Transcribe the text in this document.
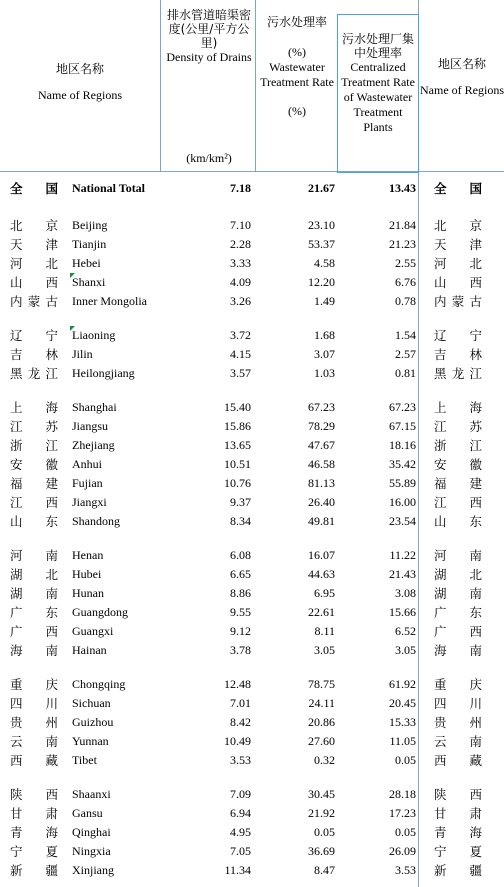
地区名称
Name of Regions
排水管道暗渠密度(公里/平方公里)
Density of Drains
(km/km²)
污水处理率
(%)
Wastewater Treatment Rate
(%)
污水处理厂集中处理率
Centralized Treatment Rate of Wastewater Treatment Plants
地区名称
Name of Regions
全 国 National Total	7.18	21.67	13.43 全 国
北 京 Beijing	7.10	23.10	21.84 北 京
天 津 Tianjin	2.28	53.37	21.23 天 津
河 北 Hebei	3.33	4.58	2.55 河 北
山 西 Shanxi	4.09	12.20	6.76 山 西
内 蒙 古 Inner Mongolia	3.26	1.49	0.78 内 蒙 古
辽 宁 Liaoning	3.72	1.68	1.54 辽 宁
吉 林 Jilin	4.15	3.07	2.57 吉 林
黑 龙 江 Heilongjiang	3.57	1.03	0.81 黑 龙 江
上 海 Shanghai	15.40	67.23	67.23 上 海
江 苏 Jiangsu	15.86	78.29	67.15 江 苏
浙 江 Zhejiang	13.65	47.67	18.16 浙 江
安 徽 Anhui	10.51	46.58	35.42 安 徽
福 建 Fujian	10.76	81.13	55.89 福 建
江 西 Jiangxi	9.37	26.40	16.00 江 西
山 东 Shandong	8.34	49.81	23.54 山 东
河 南 Henan	6.08	16.07	11.22 河 南
湖 北 Hubei	6.65	44.63	21.43 湖 北
湖 南 Hunan	8.86	6.95	3.08 湖 南
广 东 Guangdong	9.55	22.61	15.66 广 东
广 西 Guangxi	9.12	8.11	6.52 广 西
海 南 Hainan	3.78	3.05	3.05 海 南
重 庆 Chongqing	12.48	78.75	61.92 重 庆
四 川 Sichuan	7.01	24.11	20.45 四 川
贵 州 Guizhou	8.42	20.86	15.33 贵 州
云 南 Yunnan	10.49	27.60	11.05 云 南
西 藏 Tibet	3.53	0.32	0.05 西 藏
陕 西 Shaanxi	7.09	30.45	28.18 陕 西
甘 肃 Gansu	6.94	21.92	17.23 甘 肃
青 海 Qinghai	4.95	0.05	0.05 青 海
宁 夏 Ningxia	7.05	36.69	26.09 宁 夏
新 疆 Xinjiang	11.34	8.47	3.53 新 疆
